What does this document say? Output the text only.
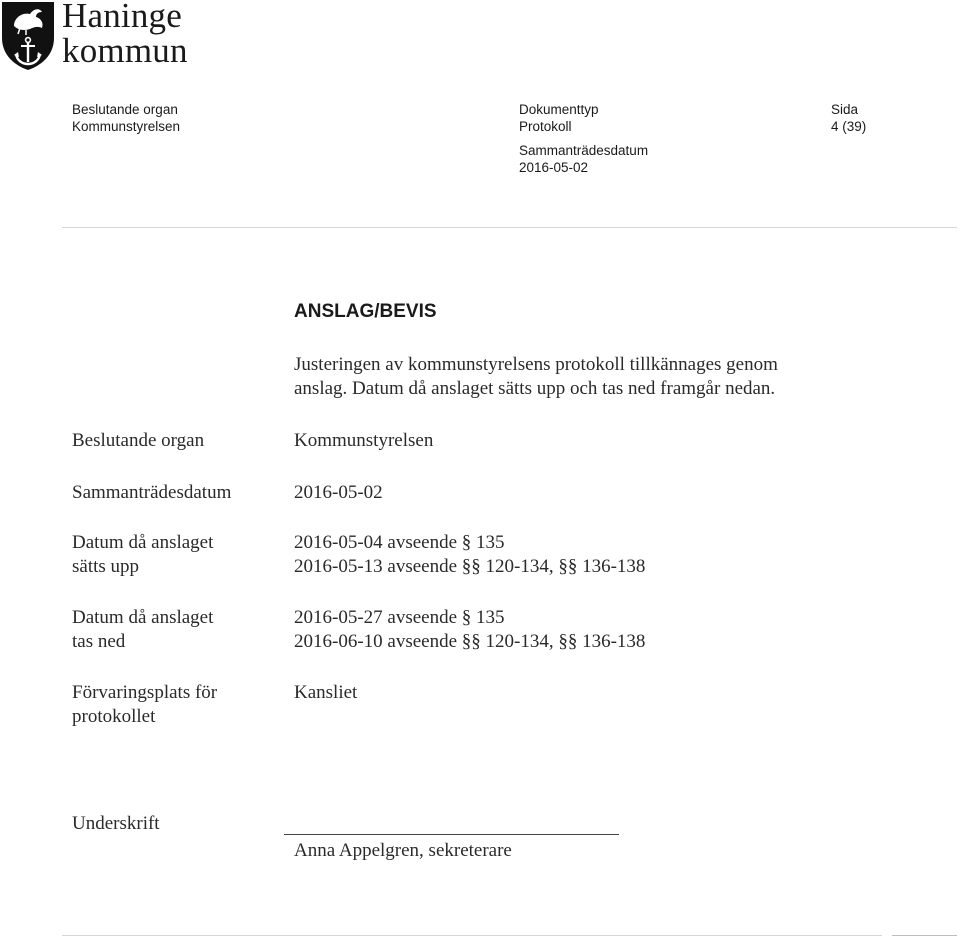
Haninge
kommun
Beslutande organ
Kommunstyrelsen
Dokumenttyp
Protokoll
Sida
4 (39)
Sammanträdesdatum
2016-05-02
ANSLAG/BEVIS
Justeringen av kommunstyrelsens protokoll tillkännages genom
anslag. Datum då anslaget sätts upp och tas ned framgår nedan.
Beslutande organ	Kommunstyrelsen
Sammanträdesdatum	2016-05-02
Datum då anslaget
sätts upp
2016-05-04 avseende § 135
2016-05-13 avseende §§ 120-134, §§ 136-138
Datum då anslaget
tas ned
2016-05-27 avseende § 135
2016-06-10 avseende §§ 120-134, §§ 136-138
Förvaringsplats för
protokollet
Kansliet
Underskrift
Anna Appelgren, sekreterare
